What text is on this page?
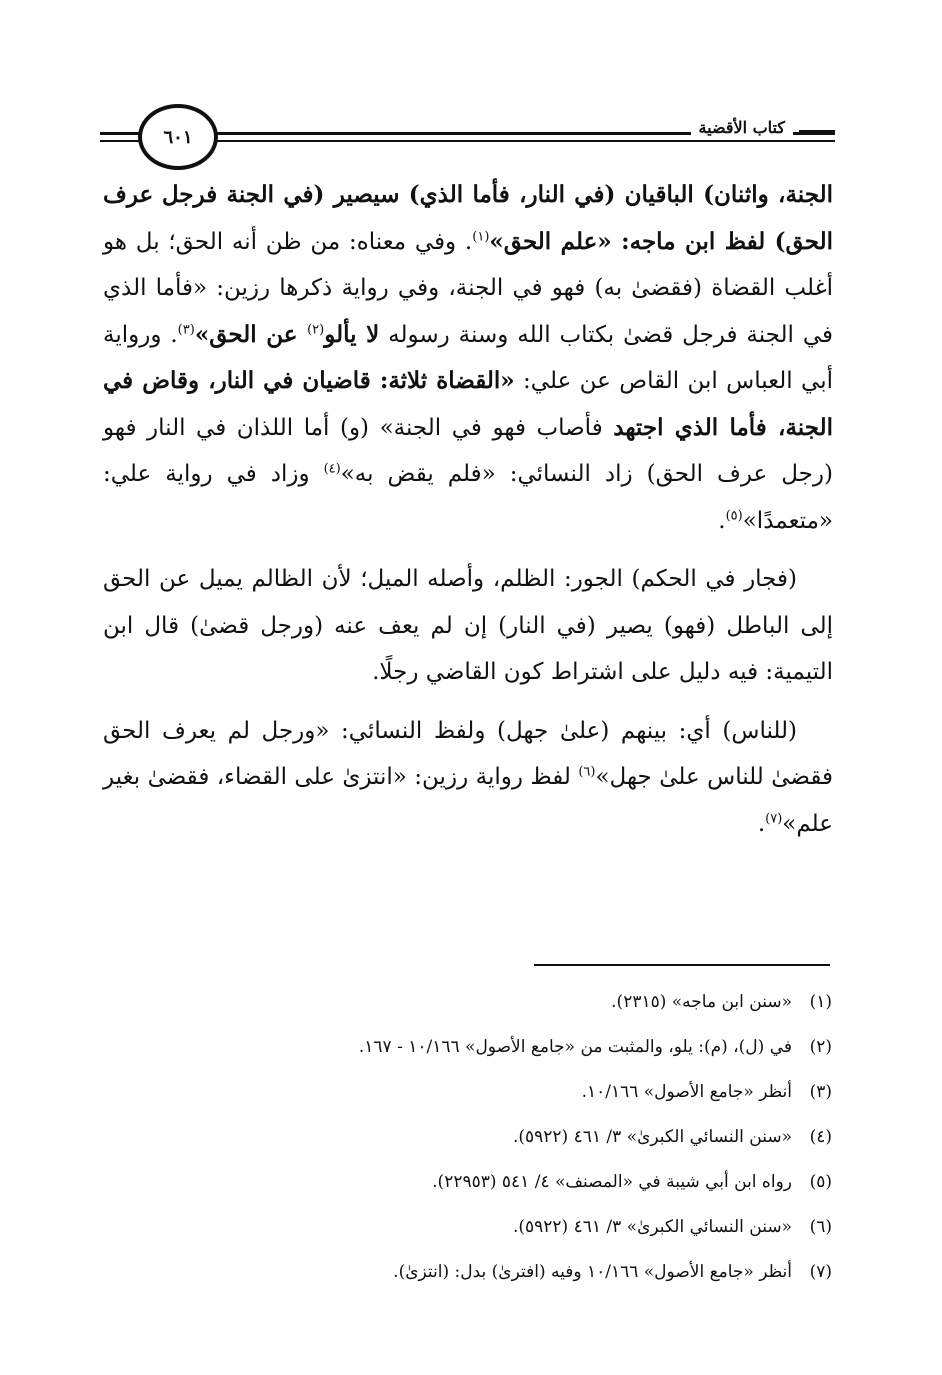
كتاب الأقضية
٦٠١

الجنة، واثنان) الباقيان (في النار، فأما الذي) سيصير (في الجنة فرجل عرف الحق) لفظ ابن ماجه: «علم الحق»$^{(١)}$. وفي معناه: من ظن أنه الحق؛ بل هو أغلب القضاة (فقضىٰ به) فهو في الجنة، وفي رواية ذكرها رزين: «فأما الذي في الجنة فرجل قضىٰ بكتاب الله وسنة رسوله لا يألو$^{(٢)}$ عن الحق»$^{(٣)}$. ورواية أبي العباس ابن القاص عن علي: «القضاة ثلاثة: قاضيان في النار، وقاض في الجنة، فأما الذي اجتهد فأصاب فهو في الجنة» (و) أما اللذان في النار فهو (رجل عرف الحق) زاد النسائي: «فلم يقض به»$^{(٤)}$ وزاد في رواية علي: «متعمدًا»$^{(٥)}$.

(فجار في الحكم) الجور: الظلم، وأصله الميل؛ لأن الظالم يميل عن الحق إلى الباطل (فهو) يصير (في النار) إن لم يعف عنه (ورجل قضىٰ) قال ابن التيمية: فيه دليل على اشتراط كون القاضي رجلًا.

(للناس) أي: بينهم (علىٰ جهل) ولفظ النسائي: «ورجل لم يعرف الحق فقضىٰ للناس علىٰ جهل»$^{(٦)}$ لفظ رواية رزين: «انتزىٰ على القضاء، فقضىٰ بغير علم»$^{(٧)}$.

(١)«سنن ابن ماجه» (٢٣١٥).
(٢)في (ل)، (م): يلو، والمثبت من «جامع الأصول» ١٠/١٦٦ - ١٦٧.
(٣)أنظر «جامع الأصول» ١٠/١٦٦.
(٤)«سنن النسائي الكبرىٰ» ٣/ ٤٦١ (٥٩٢٢).
(٥)رواه ابن أبي شيبة في «المصنف» ٤/ ٥٤١ (٢٢٩٥٣).
(٦)«سنن النسائي الكبرىٰ» ٣/ ٤٦١ (٥٩٢٢).
(٧)أنظر «جامع الأصول» ١٠/١٦٦ وفيه (افترىٰ) بدل: (انتزىٰ).
